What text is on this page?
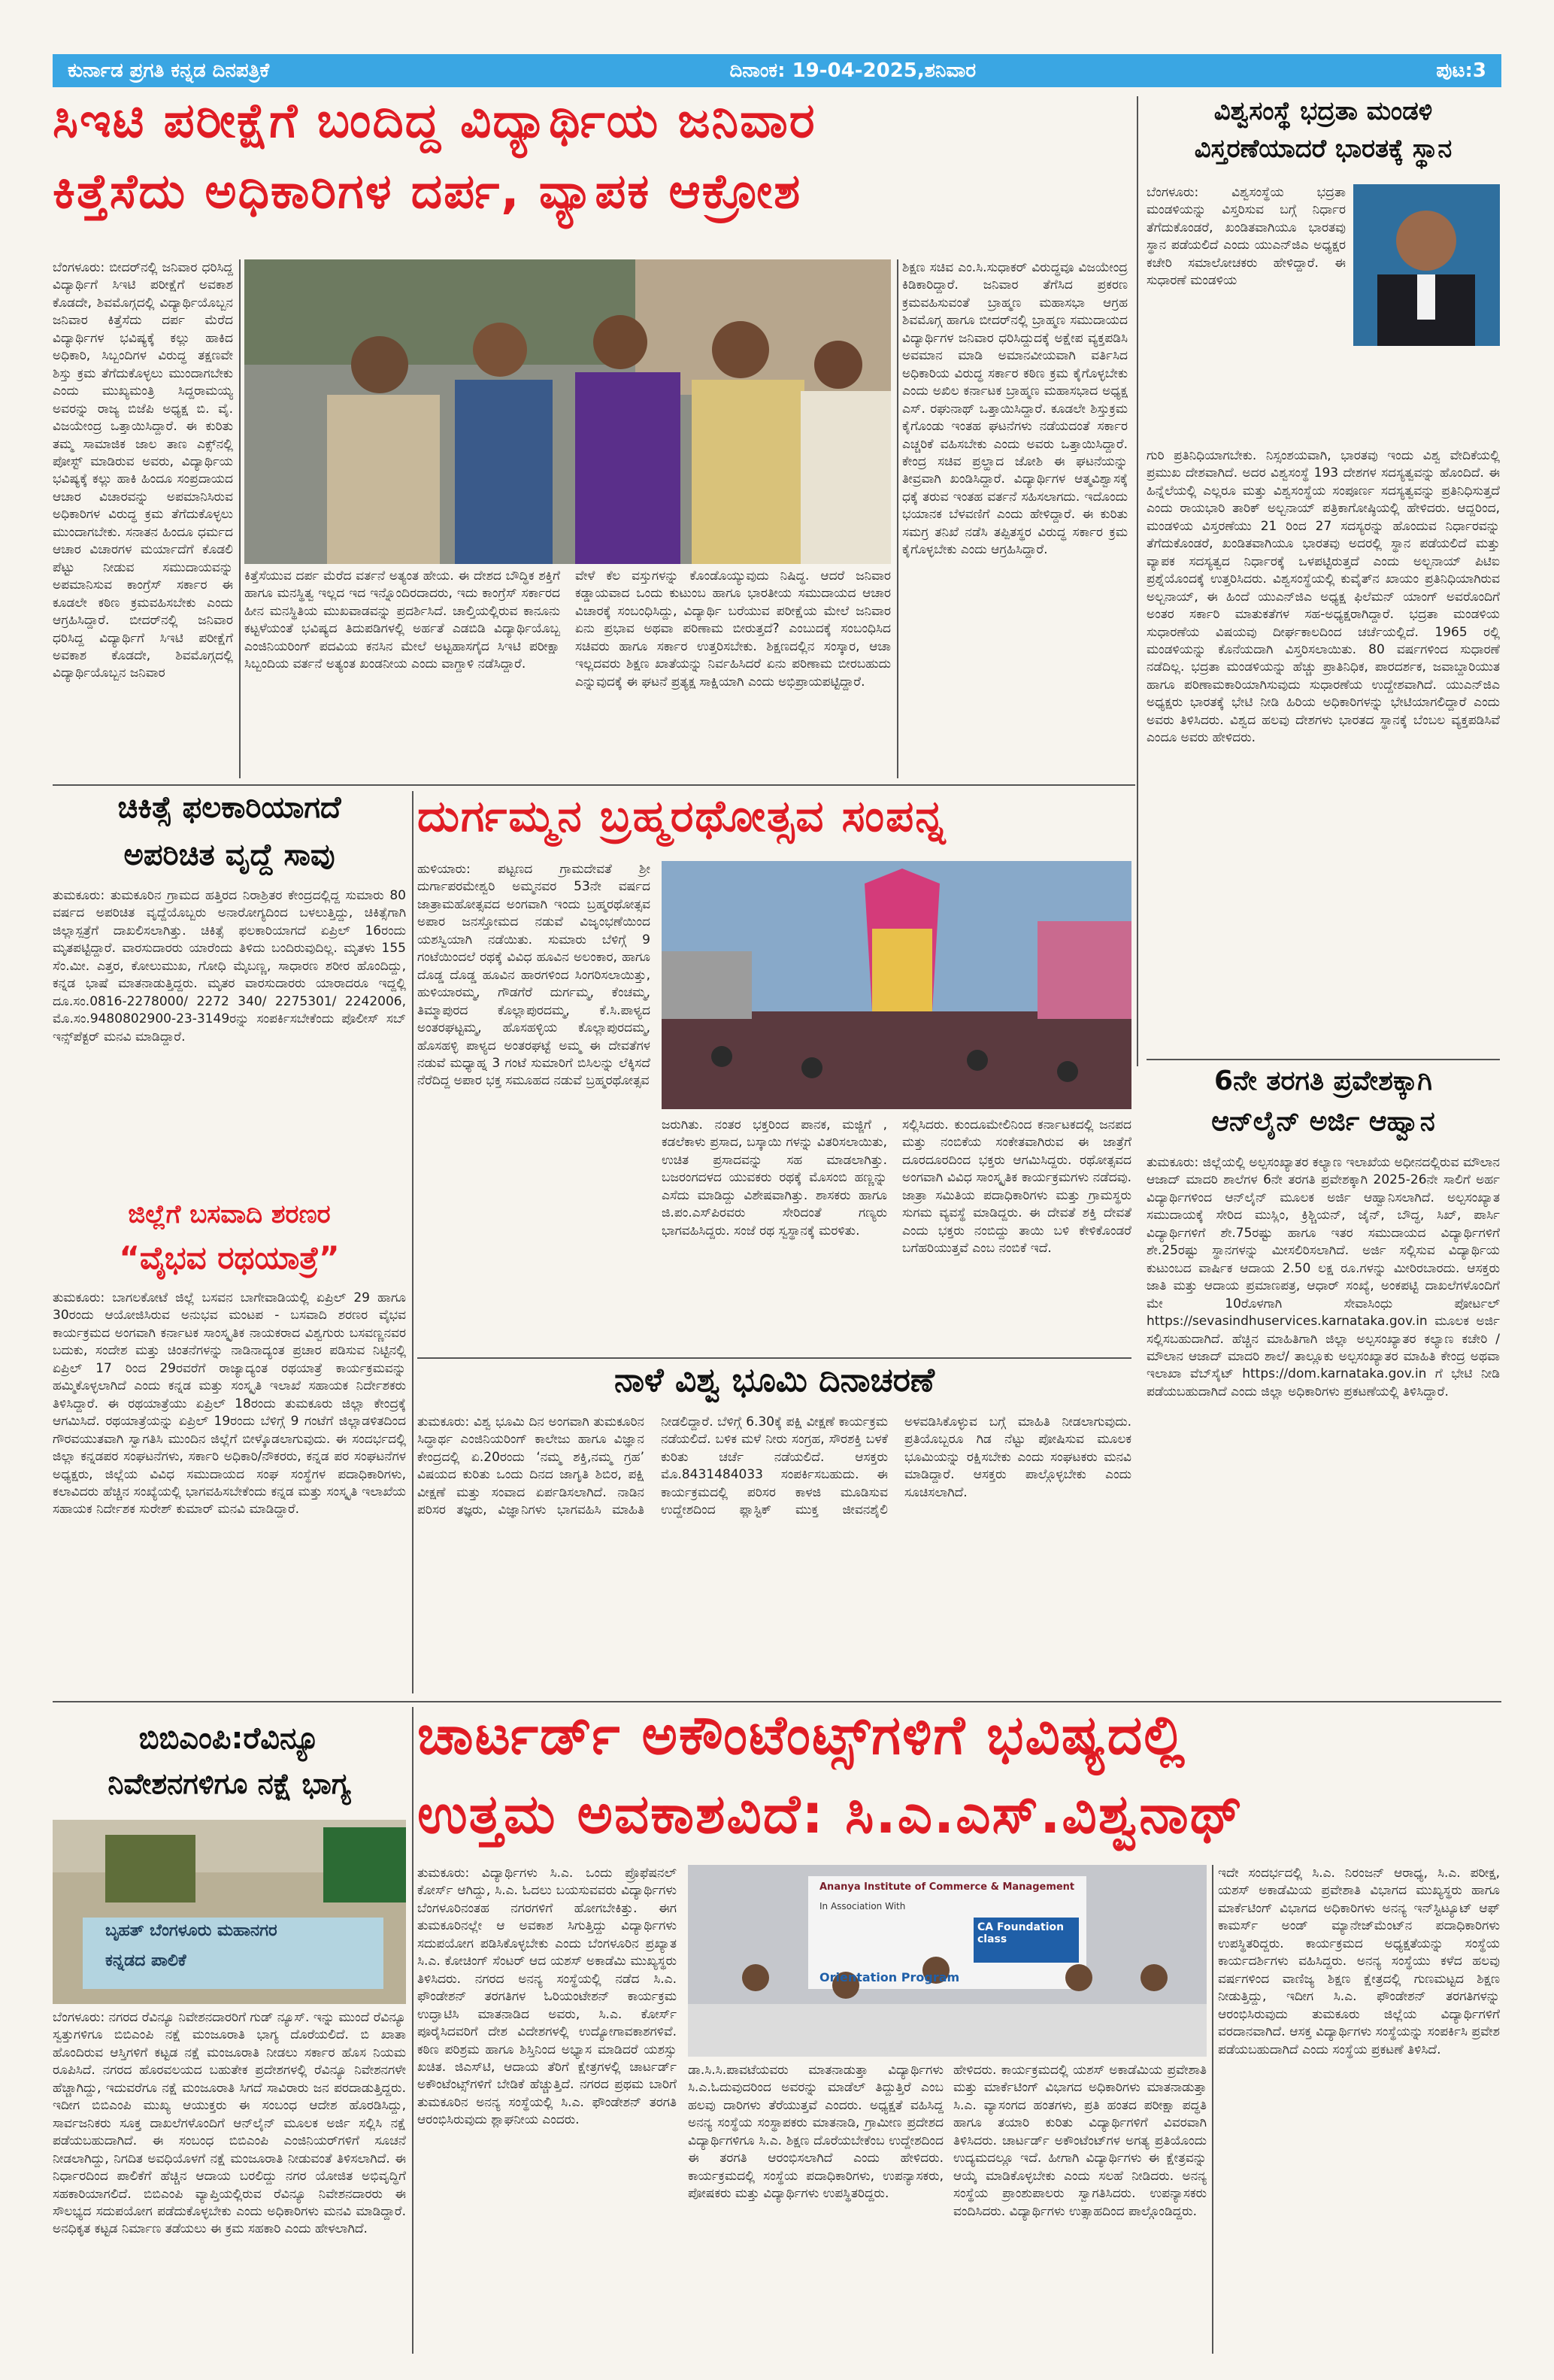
ಕುರ್ನಾಡ ಪ್ರಗತಿ ಕನ್ನಡ ದಿನಪತ್ರಿಕೆ	ದಿನಾಂಕ: 19-04-2025,ಶನಿವಾರ	ಪುಟ:3
ಸಿಇಟಿ ಪರೀಕ್ಷೆಗೆ ಬಂದಿದ್ದ ವಿದ್ಯಾರ್ಥಿಯ ಜನಿವಾರ
ಕಿತ್ತೆಸೆದು ಅಧಿಕಾರಿಗಳ ದರ್ಪ, ವ್ಯಾಪಕ ಆಕ್ರೋಶ
ಬೆಂಗಳೂರು: ಬೀದರ್‌ನಲ್ಲಿ ಜನಿವಾರ ಧರಿಸಿದ್ದ ವಿದ್ಯಾರ್ಥಿಗೆ ಸಿಇಟಿ ಪರೀಕ್ಷೆಗೆ ಅವಕಾಶ ಕೊಡದೇ, ಶಿವಮೊಗ್ಗದಲ್ಲಿ ವಿದ್ಯಾರ್ಥಿಯೊಬ್ಬನ ಜನಿವಾರ ಕಿತ್ತೆಸೆದು ದರ್ಪ ಮೆರೆದ ವಿದ್ಯಾರ್ಥಿಗಳ ಭವಿಷ್ಯಕ್ಕೆ ಕಲ್ಲು ಹಾಕಿದ ಅಧಿಕಾರಿ, ಸಿಬ್ಬಂದಿಗಳ ವಿರುದ್ಧ ತಕ್ಷಣವೇ ಶಿಸ್ತು ಕ್ರಮ ತೆಗೆದುಕೊಳ್ಳಲು ಮುಂದಾಗಬೇಕು ಎಂದು ಮುಖ್ಯಮಂತ್ರಿ ಸಿದ್ದರಾಮಯ್ಯ ಅವರನ್ನು ರಾಜ್ಯ ಬಿಜೆಪಿ ಅಧ್ಯಕ್ಷ ಬಿ. ವೈ. ವಿಜಯೇಂದ್ರ ಒತ್ತಾಯಿಸಿದ್ದಾರೆ. ಈ ಕುರಿತು ತಮ್ಮ ಸಾಮಾಜಿಕ ಜಾಲ ತಾಣ ಎಕ್ಸ್‌ನಲ್ಲಿ ಪೋಸ್ಟ್ ಮಾಡಿರುವ ಅವರು, ವಿದ್ಯಾರ್ಥಿಯ ಭವಿಷ್ಯಕ್ಕೆ ಕಲ್ಲು ಹಾಕಿ ಹಿಂದೂ ಸಂಪ್ರದಾಯದ ಆಚಾರ ವಿಚಾರವನ್ನು ಅಪಮಾನಿಸಿರುವ ಅಧಿಕಾರಿಗಳ ವಿರುದ್ಧ ಕ್ರಮ ತೆಗೆದುಕೊಳ್ಳಲು ಮುಂದಾಗಬೇಕು. ಸನಾತನ ಹಿಂದೂ ಧರ್ಮದ ಆಚಾರ ವಿಚಾರಗಳ ಮರ್ಯಾದೆಗೆ ಕೊಡಲಿ ಪೆಟ್ಟು ನೀಡುವ ಸಮುದಾಯವನ್ನು ಅಪಮಾನಿಸುವ ಕಾಂಗ್ರೆಸ್ ಸರ್ಕಾರ ಈ ಕೂಡಲೇ ಕಠಿಣ ಕ್ರಮವಹಿಸಬೇಕು ಎಂದು ಆಗ್ರಹಿಸಿದ್ದಾರೆ. ಬೀದರ್‌ನಲ್ಲಿ ಜನಿವಾರ ಧರಿಸಿದ್ದ ವಿದ್ಯಾರ್ಥಿಗೆ ಸಿಇಟಿ ಪರೀಕ್ಷೆಗೆ ಅವಕಾಶ ಕೊಡದೇ, ಶಿವಮೊಗ್ಗದಲ್ಲಿ ವಿದ್ಯಾರ್ಥಿಯೊಬ್ಬನ ಜನಿವಾರ
ಕಿತ್ತೆಸೆಯುವ ದರ್ಪ ಮೆರೆದ ವರ್ತನೆ ಅತ್ಯಂತ ಹೇಯ. ಈ ದೇಶದ ಬೌದ್ಧಿಕ ಶಕ್ತಿಗೆ ಹಾಗೂ ಮನಸ್ಥಿತ್ವ ಇಲ್ಲದ ಇದ ಇನ್ನೊಂದಿರದಾದರು, ಇದು ಕಾಂಗ್ರೆಸ್ ಸರ್ಕಾರದ ಹೀನ ಮನಸ್ಥಿತಿಯ ಮುಖವಾಡವನ್ನು ಪ್ರದರ್ಶಿಸಿದೆ. ಚಾಲ್ತಿಯಲ್ಲಿರುವ ಕಾನೂನು ಕಟ್ಟಳೆಯಂತೆ ಭವಿಷ್ಯದ ತಿದುಪಡಿಗಳಲ್ಲಿ ಅರ್ಹತೆ ಎಡಬಿಡಿ ವಿದ್ಯಾರ್ಥಿಯೊಬ್ಬ ಎಂಜಿನಿಯರಿಂಗ್ ಪದವಿಯ ಕನಸಿನ ಮೇಲೆ ಅಟ್ಟಹಾಸಗೈದ ಸಿಇಟಿ ಪರೀಕ್ಷಾ ಸಿಬ್ಬಂದಿಯ ವರ್ತನೆ ಅತ್ಯಂತ ಖಂಡನೀಯ ಎಂದು ವಾಗ್ದಾಳಿ ನಡೆಸಿದ್ದಾರೆ.
ವೇಳೆ ಕೆಲ ವಸ್ತುಗಳನ್ನು ಕೊಂಡೊಯ್ಯುವುದು ನಿಷಿದ್ಧ. ಆದರೆ ಜನಿವಾರ ಕಡ್ಡಾಯವಾದ ಒಂದು ಕುಟುಂಬ ಹಾಗೂ ಭಾರತೀಯ ಸಮುದಾಯದ ಆಚಾರ ವಿಚಾರಕ್ಕೆ ಸಂಬಂಧಿಸಿದ್ದು, ವಿದ್ಯಾರ್ಥಿ ಬರೆಯುವ ಪರೀಕ್ಷೆಯ ಮೇಲೆ ಜನಿವಾರ ಏನು ಪ್ರಭಾವ ಅಥವಾ ಪರಿಣಾಮ ಬೀರುತ್ತದೆ? ಎಂಬುದಕ್ಕೆ ಸಂಬಂಧಿಸಿದ ಸಚಿವರು ಹಾಗೂ ಸರ್ಕಾರ ಉತ್ತರಿಸಬೇಕು. ಶಿಕ್ಷಣದಲ್ಲಿನ ಸಂಸ್ಕಾರ, ಆಚಾ ಇಲ್ಲದವರು ಶಿಕ್ಷಣ ಖಾತೆಯನ್ನು ನಿರ್ವಹಿಸಿದರೆ ಏನು ಪರಿಣಾಮ ಬೀರಬಹುದು ಎನ್ನುವುದಕ್ಕೆ ಈ ಘಟನೆ ಪ್ರತ್ಯಕ್ಷ ಸಾಕ್ಷಿಯಾಗಿ ಎಂದು ಅಭಿಪ್ರಾಯಪಟ್ಟಿದ್ದಾರೆ.
ಶಿಕ್ಷಣ ಸಚಿವ ಎಂ.ಸಿ.ಸುಧಾಕರ್ ವಿರುದ್ಧವೂ ವಿಜಯೇಂದ್ರ ಕಿಡಿಕಾರಿದ್ದಾರೆ. ಜನಿವಾರ ತೆಗೆಸಿದ ಪ್ರಕರಣ ಕ್ರಮವಹಿಸುವಂತೆ ಬ್ರಾಹ್ಮಣ ಮಹಾಸಭಾ ಆಗ್ರಹ ಶಿವಮೊಗ್ಗ ಹಾಗೂ ಬೀದರ್‌ನಲ್ಲಿ ಬ್ರಾಹ್ಮಣ ಸಮುದಾಯದ ವಿದ್ಯಾರ್ಥಿಗಳ ಜನಿವಾರ ಧರಿಸಿದ್ದುದಕ್ಕೆ ಅಕ್ಷೇಪ ವ್ಯಕ್ತಪಡಿಸಿ ಅವಮಾನ ಮಾಡಿ ಅಮಾನವೀಯವಾಗಿ ವರ್ತಿಸಿದ ಅಧಿಕಾರಿಯ ವಿರುದ್ಧ ಸರ್ಕಾರ ಕಠಿಣ ಕ್ರಮ ಕೈಗೊಳ್ಳಬೇಕು ಎಂದು ಅಖಿಲ ಕರ್ನಾಟಕ ಬ್ರಾಹ್ಮಣ ಮಹಾಸಭಾದ ಅಧ್ಯಕ್ಷ ಎಸ್. ರಘುನಾಥ್ ಒತ್ತಾಯಿಸಿದ್ದಾರೆ. ಕೂಡಲೇ ಶಿಸ್ತುಕ್ರಮ ಕೈಗೊಂಡು ಇಂತಹ ಘಟನೆಗಳು ನಡೆಯದಂತೆ ಸರ್ಕಾರ ಎಚ್ಚರಿಕೆ ವಹಿಸಬೇಕು ಎಂದು ಅವರು ಒತ್ತಾಯಿಸಿದ್ದಾರೆ. ಕೇಂದ್ರ ಸಚಿವ ಪ್ರಲ್ಹಾದ ಜೋಶಿ ಈ ಘಟನೆಯನ್ನು ತೀವ್ರವಾಗಿ ಖಂಡಿಸಿದ್ದಾರೆ. ವಿದ್ಯಾರ್ಥಿಗಳ ಆತ್ಮವಿಶ್ವಾಸಕ್ಕೆ ಧಕ್ಕೆ ತರುವ ಇಂತಹ ವರ್ತನೆ ಸಹಿಸಲಾಗದು. ಇದೊಂದು ಭಯಾನಕ ಬೆಳವಣಿಗೆ ಎಂದು ಹೇಳಿದ್ದಾರೆ. ಈ ಕುರಿತು ಸಮಗ್ರ ತನಿಖೆ ನಡೆಸಿ ತಪ್ಪಿತಸ್ಥರ ವಿರುದ್ಧ ಸರ್ಕಾರ ಕ್ರಮ ಕೈಗೊಳ್ಳಬೇಕು ಎಂದು ಆಗ್ರಹಿಸಿದ್ದಾರೆ.
ವಿಶ್ವಸಂಸ್ಥೆ ಭದ್ರತಾ ಮಂಡಳಿ
ವಿಸ್ತರಣೆಯಾದರೆ ಭಾರತಕ್ಕೆ ಸ್ಥಾನ
ಬೆಂಗಳೂರು: ವಿಶ್ವಸಂಸ್ಥೆಯ ಭದ್ರತಾ ಮಂಡಳಿಯನ್ನು ವಿಸ್ತರಿಸುವ ಬಗ್ಗೆ ನಿರ್ಧಾರ ತೆಗೆದುಕೊಂಡರೆ, ಖಂಡಿತವಾಗಿಯೂ ಭಾರತವು ಸ್ಥಾನ ಪಡೆಯಲಿದೆ ಎಂದು ಯುಎನ್‌ಜಿಎ ಅಧ್ಯಕ್ಷರ ಕಚೇರಿ ಸಮಾಲೋಚಕರು ಹೇಳಿದ್ದಾರೆ. ಈ ಸುಧಾರಣೆ ಮಂಡಳಿಯ
ಗುರಿ ಪ್ರತಿನಿಧಿಯಾಗಬೇಕು. ನಿಸ್ಸಂಶಯವಾಗಿ, ಭಾರತವು ಇಂದು ವಿಶ್ವ ವೇದಿಕೆಯಲ್ಲಿ ಪ್ರಮುಖ ದೇಶವಾಗಿದೆ. ಅದರ ವಿಶ್ವಸಂಸ್ಥೆ 193 ದೇಶಗಳ ಸದಸ್ಯತ್ವವನ್ನು ಹೊಂದಿದೆ. ಈ ಹಿನ್ನೆಲೆಯಲ್ಲಿ ಎಲ್ಲರೂ ಮತ್ತು ವಿಶ್ವಸಂಸ್ಥೆಯ ಸಂಪೂರ್ಣ ಸದಸ್ಯತ್ವವನ್ನು ಪ್ರತಿನಿಧಿಸುತ್ತದೆ ಎಂದು ರಾಯಭಾರಿ ತಾರಿಕ್ ಅಲ್ಬನಾಯ್ ಪತ್ರಿಕಾಗೋಷ್ಠಿಯಲ್ಲಿ ಹೇಳಿದರು. ಆದ್ದರಿಂದ, ಮಂಡಳಿಯ ವಿಸ್ತರಣೆಯು 21 ರಿಂದ 27 ಸದಸ್ಯರನ್ನು ಹೊಂದುವ ನಿರ್ಧಾರವನ್ನು ತೆಗೆದುಕೊಂಡರೆ, ಖಂಡಿತವಾಗಿಯೂ ಭಾರತವು ಅದರಲ್ಲಿ ಸ್ಥಾನ ಪಡೆಯಲಿದೆ ಮತ್ತು ವ್ಯಾಪಕ ಸದಸ್ಯತ್ವದ ನಿರ್ಧಾರಕ್ಕೆ ಒಳಪಟ್ಟಿರುತ್ತದೆ ಎಂದು ಅಲ್ಬನಾಯ್ ಪಿಟಿಐ ಪ್ರಶ್ನೆಯೊಂದಕ್ಕೆ ಉತ್ತರಿಸಿದರು. ವಿಶ್ವಸಂಸ್ಥೆಯಲ್ಲಿ ಕುವೈತ್‌ನ ಖಾಯಂ ಪ್ರತಿನಿಧಿಯಾಗಿರುವ ಅಲ್ಬನಾಯ್, ಈ ಹಿಂದೆ ಯುಎನ್‌ಜಿಎ ಅಧ್ಯಕ್ಷ ಫಿಲೆಮನ್ ಯಾಂಗ್ ಅವರೊಂದಿಗೆ ಅಂತರ ಸರ್ಕಾರಿ ಮಾತುಕತೆಗಳ ಸಹ-ಅಧ್ಯಕ್ಷರಾಗಿದ್ದಾರೆ. ಭದ್ರತಾ ಮಂಡಳಿಯ ಸುಧಾರಣೆಯ ವಿಷಯವು ದೀರ್ಘಕಾಲದಿಂದ ಚರ್ಚೆಯಲ್ಲಿದೆ. 1965 ರಲ್ಲಿ ಮಂಡಳಿಯನ್ನು ಕೊನೆಯದಾಗಿ ವಿಸ್ತರಿಸಲಾಯಿತು. 80 ವರ್ಷಗಳಿಂದ ಸುಧಾರಣೆ ನಡೆದಿಲ್ಲ. ಭದ್ರತಾ ಮಂಡಳಿಯನ್ನು ಹೆಚ್ಚು ಪ್ರಾತಿನಿಧಿಕ, ಪಾರದರ್ಶಕ, ಜವಾಬ್ದಾರಿಯುತ ಹಾಗೂ ಪರಿಣಾಮಕಾರಿಯಾಗಿಸುವುದು ಸುಧಾರಣೆಯ ಉದ್ದೇಶವಾಗಿದೆ. ಯುಎನ್‌ಜಿಎ ಅಧ್ಯಕ್ಷರು ಭಾರತಕ್ಕೆ ಭೇಟಿ ನೀಡಿ ಹಿರಿಯ ಅಧಿಕಾರಿಗಳನ್ನು ಭೇಟಿಯಾಗಲಿದ್ದಾರೆ ಎಂದು ಅವರು ತಿಳಿಸಿದರು. ವಿಶ್ವದ ಹಲವು ದೇಶಗಳು ಭಾರತದ ಸ್ಥಾನಕ್ಕೆ ಬೆಂಬಲ ವ್ಯಕ್ತಪಡಿಸಿವೆ ಎಂದೂ ಅವರು ಹೇಳಿದರು.
ಚಿಕಿತ್ಸೆ ಫಲಕಾರಿಯಾಗದೆ
ಅಪರಿಚಿತ ವೃದ್ದೆ ಸಾವು
ತುಮಕೂರು: ತುಮಕೂರಿನ ಗ್ರಾಮದ ಹತ್ತಿರದ ನಿರಾಶ್ರಿತರ ಕೇಂದ್ರದಲ್ಲಿದ್ದ ಸುಮಾರು 80 ವರ್ಷದ ಅಪರಿಚಿತ ವೃದ್ದೆಯೊಬ್ಬರು ಅನಾರೋಗ್ಯದಿಂದ ಬಳಲುತ್ತಿದ್ದು, ಚಿಕಿತ್ಸೆಗಾಗಿ ಜಿಲ್ಲಾಸ್ಪತ್ರೆಗೆ ದಾಖಲಿಸಲಾಗಿತ್ತು. ಚಿಕಿತ್ಸೆ ಫಲಕಾರಿಯಾಗದೆ ಏಪ್ರಿಲ್ 16ರಂದು ಮೃತಪಟ್ಟಿದ್ದಾರೆ. ವಾರಸುದಾರರು ಯಾರೆಂದು ತಿಳಿದು ಬಂದಿರುವುದಿಲ್ಲ. ಮೃತಳು 155 ಸೆಂ.ಮೀ. ಎತ್ತರ, ಕೋಲುಮುಖ, ಗೋಧಿ ಮೈಬಣ್ಣ, ಸಾಧಾರಣ ಶರೀರ ಹೊಂದಿದ್ದು, ಕನ್ನಡ ಭಾಷೆ ಮಾತನಾಡುತ್ತಿದ್ದರು. ಮೃತರ ವಾರಸುದಾರರು ಯಾರಾದರೂ ಇದ್ದಲ್ಲಿ ದೂ.ಸಂ.0816-2278000/ 2272 340/ 2275301/ 2242006, ಮೊ.ಸಂ.9480802900-23-3149ರನ್ನು ಸಂಪರ್ಕಿಸಬೇಕೆಂದು ಪೊಲೀಸ್ ಸಬ್ ಇನ್ಸ್‌ಪೆಕ್ಟರ್ ಮನವಿ ಮಾಡಿದ್ದಾರೆ.
ಜಿಲ್ಲೆಗೆ ಬಸವಾದಿ ಶರಣರ
“ವೈಭವ ರಥಯಾತ್ರೆ”
ತುಮಕೂರು: ಬಾಗಲಕೋಟೆ ಜಿಲ್ಲೆ ಬಸವನ ಬಾಗೇವಾಡಿಯಲ್ಲಿ ಏಪ್ರಿಲ್ 29 ಹಾಗೂ 30ರಂದು ಆಯೋಜಿಸಿರುವ ಅನುಭವ ಮಂಟಪ - ಬಸವಾದಿ ಶರಣರ ವೈಭವ ಕಾರ್ಯಕ್ರಮದ ಅಂಗವಾಗಿ ಕರ್ನಾಟಕ ಸಾಂಸ್ಕೃತಿಕ ನಾಯಕರಾದ ವಿಶ್ವಗುರು ಬಸವಣ್ಣನವರ ಬದುಕು, ಸಂದೇಶ ಮತ್ತು ಚಿಂತನೆಗಳನ್ನು ನಾಡಿನಾದ್ಯಂತ ಪ್ರಚಾರ ಪಡಿಸುವ ನಿಟ್ಟಿನಲ್ಲಿ ಏಪ್ರಿಲ್ 17 ರಿಂದ 29ರವರೆಗೆ ರಾಜ್ಯಾದ್ಯಂತ ರಥಯಾತ್ರೆ ಕಾರ್ಯಕ್ರಮವನ್ನು ಹಮ್ಮಿಕೊಳ್ಳಲಾಗಿದೆ ಎಂದು ಕನ್ನಡ ಮತ್ತು ಸಂಸ್ಕೃತಿ ಇಲಾಖೆ ಸಹಾಯಕ ನಿರ್ದೇಶಕರು ತಿಳಿಸಿದ್ದಾರೆ. ಈ ರಥಯಾತ್ರೆಯು ಏಪ್ರಿಲ್ 18ರಂದು ತುಮಕೂರು ಜಿಲ್ಲಾ ಕೇಂದ್ರಕ್ಕೆ ಆಗಮಿಸಿದೆ. ರಥಯಾತ್ರೆಯನ್ನು ಏಪ್ರಿಲ್ 19ರಂದು ಬೆಳಿಗ್ಗೆ 9 ಗಂಟೆಗೆ ಜಿಲ್ಲಾಡಳಿತದಿಂದ ಗೌರವಯುತವಾಗಿ ಸ್ವಾಗತಿಸಿ ಮುಂದಿನ ಜಿಲ್ಲೆಗೆ ಬೀಳ್ಕೊಡಲಾಗುವುದು. ಈ ಸಂದರ್ಭದಲ್ಲಿ ಜಿಲ್ಲಾ ಕನ್ನಡಪರ ಸಂಘಟನೆಗಳು, ಸರ್ಕಾರಿ ಅಧಿಕಾರಿ/ನೌಕರರು, ಕನ್ನಡ ಪರ ಸಂಘಟನೆಗಳ ಅಧ್ಯಕ್ಷರು, ಜಿಲ್ಲೆಯ ವಿವಿಧ ಸಮುದಾಯದ ಸಂಘ ಸಂಸ್ಥೆಗಳ ಪದಾಧಿಕಾರಿಗಳು, ಕಲಾವಿದರು ಹೆಚ್ಚಿನ ಸಂಖ್ಯೆಯಲ್ಲಿ ಭಾಗವಹಿಸಬೇಕೆಂದು ಕನ್ನಡ ಮತ್ತು ಸಂಸ್ಕೃತಿ ಇಲಾಖೆಯ ಸಹಾಯಕ ನಿರ್ದೇಶಕ ಸುರೇಶ್ ಕುಮಾರ್ ಮನವಿ ಮಾಡಿದ್ದಾರೆ.
ದುರ್ಗಮ್ಮನ ಬ್ರಹ್ಮರಥೋತ್ಸವ ಸಂಪನ್ನ
ಹುಳಿಯಾರು: ಪಟ್ಟಣದ ಗ್ರಾಮದೇವತೆ ಶ್ರೀ ದುರ್ಗಾಪರಮೇಶ್ವರಿ ಅಮ್ಮನವರ 53ನೇ ವರ್ಷದ ಜಾತ್ರಾಮಹೋತ್ಸವದ ಅಂಗವಾಗಿ ಇಂದು ಬ್ರಹ್ಮರಥೋತ್ಸವ ಅಪಾರ ಜನಸ್ತೋಮದ ನಡುವೆ ವಿಜೃಂಭಣೆಯಿಂದ ಯಶಸ್ವಿಯಾಗಿ ನಡೆಯಿತು. ಸುಮಾರು ಬೆಳಿಗ್ಗೆ 9 ಗಂಟೆಯಿಂದಲೆ ರಥಕ್ಕೆ ವಿವಿಧ ಹೂವಿನ ಅಲಂಕಾರ, ಹಾಗೂ ದೊಡ್ಡ ದೊಡ್ಡ ಹೂವಿನ ಹಾರಗಳಿಂದ ಸಿಂಗರಿಸಲಾಯಿತ್ತು, ಹುಳಿಯಾರಮ್ಮ, ಗೌಡಗೆರೆ ದುರ್ಗಮ್ಮ, ಕೆಂಚಮ್ಮ, ತಿಮ್ಮಾಪುರದ ಕೊಲ್ಲಾಪುರದಮ್ಮ, ಕೆ.ಸಿ.ಪಾಳ್ಯದ ಅಂತರಘಟ್ಟಮ್ಮ, ಹೊಸಹಳ್ಳಿಯ ಕೊಲ್ಲಾಪುರದಮ್ಮ, ಹೊಸಹಳ್ಳಿ ಪಾಳ್ಯದ ಅಂತರಘಟ್ಟೆ ಅಮ್ಮ ಈ ದೇವತೆಗಳ ನಡುವೆ ಮಧ್ಯಾಹ್ನ 3 ಗಂಟೆ ಸುಮಾರಿಗೆ ಬಿಸಿಲನ್ನು ಲೆಕ್ಕಿಸದೆ ನೆರೆದಿದ್ದ ಅಪಾರ ಭಕ್ತ ಸಮೂಹದ ನಡುವೆ ಬ್ರಹ್ಮರಥೋತ್ಸವ
ಜರುಗಿತು. ನಂತರ ಭಕ್ತರಿಂದ ಪಾನಕ, ಮಜ್ಜಿಗೆ , ಕಡಲೆಕಾಳು ಪ್ರಸಾದ, ಬಸ್ಕಾಯಿ ಗಳನ್ನು ವಿತರಿಸಲಾಯಿತು, ಉಚಿತ ಪ್ರಸಾದವನ್ನು ಸಹ ಮಾಡಲಾಗಿತ್ತು. ಬಜರಂಗದಳದ ಯುವಕರು ರಥಕ್ಕೆ ಮೊಸಂಬಿ ಹಣ್ಣನ್ನು ಎಸೆದು ಮಾಡಿದ್ದು ವಿಶೇಷವಾಗಿತ್ತು. ಶಾಸಕರು ಹಾಗೂ ಜಿ.ಪಂ.ಎಸ್‌ಪಿರವರು ಸೇರಿದಂತೆ ಗಣ್ಯರು ಭಾಗವಹಿಸಿದ್ದರು. ಸಂಜೆ ರಥ ಸ್ವಸ್ಥಾನಕ್ಕೆ ಮರಳಿತು.
ಸಲ್ಲಿಸಿದರು. ಕುಂದೂಮೇಲಿನಿಂದ ಕರ್ನಾಟಕದಲ್ಲಿ ಜನಪದ ಮತ್ತು ನಂಬಿಕೆಯ ಸಂಕೇತವಾಗಿರುವ ಈ ಜಾತ್ರೆಗೆ ದೂರದೂರದಿಂದ ಭಕ್ತರು ಆಗಮಿಸಿದ್ದರು. ರಥೋತ್ಸವದ ಅಂಗವಾಗಿ ವಿವಿಧ ಸಾಂಸ್ಕೃತಿಕ ಕಾರ್ಯಕ್ರಮಗಳು ನಡೆದವು. ಜಾತ್ರಾ ಸಮಿತಿಯ ಪದಾಧಿಕಾರಿಗಳು ಮತ್ತು ಗ್ರಾಮಸ್ಥರು ಸುಗಮ ವ್ಯವಸ್ಥೆ ಮಾಡಿದ್ದರು. ಈ ದೇವತೆ ಶಕ್ತಿ ದೇವತೆ ಎಂದು ಭಕ್ತರು ನಂಬಿದ್ದು ತಾಯಿ ಬಳಿ ಕೇಳಿಕೊಂಡರೆ ಬಗೆಹರಿಯುತ್ತವೆ ಎಂಬ ನಂಬಿಕೆ ಇದೆ.
ನಾಳೆ ವಿಶ್ವ ಭೂಮಿ ದಿನಾಚರಣೆ
ತುಮಕೂರು: ವಿಶ್ವ ಭೂಮಿ ದಿನ ಅಂಗವಾಗಿ ತುಮಕೂರಿನ ಸಿದ್ಧಾರ್ಥ ಎಂಜಿನಿಯರಿಂಗ್ ಕಾಲೇಜು ಹಾಗೂ ವಿಜ್ಞಾನ ಕೇಂದ್ರದಲ್ಲಿ ಏ.20ರಂದು ‘ನಮ್ಮ ಶಕ್ತಿ,ನಮ್ಮ ಗ್ರಹ’ ವಿಷಯದ ಕುರಿತು ಒಂದು ದಿನದ ಜಾಗೃತಿ ಶಿಬಿರ, ಪಕ್ಷಿ ವೀಕ್ಷಣೆ ಮತ್ತು ಸಂವಾದ ಏರ್ಪಡಿಸಲಾಗಿದೆ. ನಾಡಿನ ಪರಿಸರ ತಜ್ಞರು, ವಿಜ್ಞಾನಿಗಳು ಭಾಗವಹಿಸಿ ಮಾಹಿತಿ ನೀಡಲಿದ್ದಾರೆ. ಬೆಳಿಗ್ಗೆ 6.30ಕ್ಕೆ ಪಕ್ಷಿ ವೀಕ್ಷಣೆ ಕಾರ್ಯಕ್ರಮ ನಡೆಯಲಿದೆ. ಬಳಿಕ ಮಳೆ ನೀರು ಸಂಗ್ರಹ, ಸೌರಶಕ್ತಿ ಬಳಕೆ ಕುರಿತು ಚರ್ಚೆ ನಡೆಯಲಿದೆ. ಆಸಕ್ತರು ಮೊ.8431484033 ಸಂಪರ್ಕಿಸಬಹುದು. ಈ ಕಾರ್ಯಕ್ರಮದಲ್ಲಿ ಪರಿಸರ ಕಾಳಜಿ ಮೂಡಿಸುವ ಉದ್ದೇಶದಿಂದ ಪ್ಲಾಸ್ಟಿಕ್ ಮುಕ್ತ ಜೀವನಶೈಲಿ ಅಳವಡಿಸಿಕೊಳ್ಳುವ ಬಗ್ಗೆ ಮಾಹಿತಿ ನೀಡಲಾಗುವುದು. ಪ್ರತಿಯೊಬ್ಬರೂ ಗಿಡ ನೆಟ್ಟು ಪೋಷಿಸುವ ಮೂಲಕ ಭೂಮಿಯನ್ನು ರಕ್ಷಿಸಬೇಕು ಎಂದು ಸಂಘಟಕರು ಮನವಿ ಮಾಡಿದ್ದಾರೆ. ಆಸಕ್ತರು ಪಾಲ್ಗೊಳ್ಳಬೇಕು ಎಂದು ಸೂಚಿಸಲಾಗಿದೆ.
6ನೇ ತರಗತಿ ಪ್ರವೇಶಕ್ಕಾಗಿ
ಆನ್‌ಲೈನ್ ಅರ್ಜಿ ಆಹ್ವಾನ
ತುಮಕೂರು: ಜಿಲ್ಲೆಯಲ್ಲಿ ಅಲ್ಪಸಂಖ್ಯಾತರ ಕಲ್ಯಾಣ ಇಲಾಖೆಯ ಅಧೀನದಲ್ಲಿರುವ ಮೌಲಾನ ಆಜಾದ್ ಮಾದರಿ ಶಾಲೆಗಳ 6ನೇ ತರಗತಿ ಪ್ರವೇಶಕ್ಕಾಗಿ 2025-26ನೇ ಸಾಲಿಗೆ ಅರ್ಹ ವಿದ್ಯಾರ್ಥಿಗಳಿಂದ ಆನ್‌ಲೈನ್ ಮೂಲಕ ಅರ್ಜಿ ಆಹ್ವಾನಿಸಲಾಗಿದೆ. ಅಲ್ಪಸಂಖ್ಯಾತ ಸಮುದಾಯಕ್ಕೆ ಸೇರಿದ ಮುಸ್ಲಿಂ, ಕ್ರಿಶ್ಚಿಯನ್, ಜೈನ್, ಬೌದ್ಧ, ಸಿಖ್, ಪಾರ್ಸಿ ವಿದ್ಯಾರ್ಥಿಗಳಿಗೆ ಶೇ.75ರಷ್ಟು ಹಾಗೂ ಇತರ ಸಮುದಾಯದ ವಿದ್ಯಾರ್ಥಿಗಳಿಗೆ ಶೇ.25ರಷ್ಟು ಸ್ಥಾನಗಳನ್ನು ಮೀಸಲಿರಿಸಲಾಗಿದೆ. ಅರ್ಜಿ ಸಲ್ಲಿಸುವ ವಿದ್ಯಾರ್ಥಿಯ ಕುಟುಂಬದ ವಾರ್ಷಿಕ ಆದಾಯ 2.50 ಲಕ್ಷ ರೂ.ಗಳನ್ನು ಮೀರಿರಬಾರದು. ಆಸಕ್ತರು ಜಾತಿ ಮತ್ತು ಆದಾಯ ಪ್ರಮಾಣಪತ್ರ, ಆಧಾರ್ ಸಂಖ್ಯೆ, ಅಂಕಪಟ್ಟಿ ದಾಖಲೆಗಳೊಂದಿಗೆ ಮೇ 10ರೊಳಗಾಗಿ ಸೇವಾಸಿಂಧು ಪೋರ್ಟಲ್ https://sevasindhuservices.karnataka.gov.in ಮೂಲಕ ಅರ್ಜಿ ಸಲ್ಲಿಸಬಹುದಾಗಿದೆ. ಹೆಚ್ಚಿನ ಮಾಹಿತಿಗಾಗಿ ಜಿಲ್ಲಾ ಅಲ್ಪಸಂಖ್ಯಾತರ ಕಲ್ಯಾಣ ಕಚೇರಿ / ಮೌಲಾನ ಆಜಾದ್ ಮಾದರಿ ಶಾಲೆ/ ತಾಲ್ಲೂಕು ಅಲ್ಪಸಂಖ್ಯಾತರ ಮಾಹಿತಿ ಕೇಂದ್ರ ಅಥವಾ ಇಲಾಖಾ ವೆಬ್‌ಸೈಟ್ https://dom.karnataka.gov.in ಗೆ ಭೇಟಿ ನೀಡಿ ಪಡೆಯಬಹುದಾಗಿದೆ ಎಂದು ಜಿಲ್ಲಾ ಅಧಿಕಾರಿಗಳು ಪ್ರಕಟಣೆಯಲ್ಲಿ ತಿಳಿಸಿದ್ದಾರೆ.
ಚಾರ್ಟರ್ಡ್ ಅಕೌಂಟೆಂಟ್ಸ್‌ಗಳಿಗೆ ಭವಿಷ್ಯದಲ್ಲಿ
ಉತ್ತಮ ಅವಕಾಶವಿದೆ: ಸಿ.ಎ.ಎಸ್.ವಿಶ್ವನಾಥ್
ಬಿಬಿಎಂಪಿ:ರೆವಿನ್ಯೂ
ನಿವೇಶನಗಳಿಗೂ ನಕ್ಷೆ ಭಾಗ್ಯ
ಬೃಹತ್ ಬೆಂಗಳೂರು ಮಹಾನಗರ
ಕನ್ನಡದ ಪಾಲಿಕೆ
ಬೆಂಗಳೂರು: ನಗರದ ರೆವಿನ್ಯೂ ನಿವೇಶನದಾರರಿಗೆ ಗುಡ್ ನ್ಯೂಸ್. ಇನ್ನು ಮುಂದೆ ರೆವಿನ್ಯೂ ಸ್ವತ್ತುಗಳಿಗೂ ಬಿಬಿಎಂಪಿ ನಕ್ಷೆ ಮಂಜೂರಾತಿ ಭಾಗ್ಯ ದೊರೆಯಲಿದೆ. ಬಿ ಖಾತಾ ಹೊಂದಿರುವ ಆಸ್ತಿಗಳಿಗೆ ಕಟ್ಟಡ ನಕ್ಷೆ ಮಂಜೂರಾತಿ ನೀಡಲು ಸರ್ಕಾರ ಹೊಸ ನಿಯಮ ರೂಪಿಸಿದೆ. ನಗರದ ಹೊರವಲಯದ ಬಹುತೇಕ ಪ್ರದೇಶಗಳಲ್ಲಿ ರೆವಿನ್ಯೂ ನಿವೇಶನಗಳೇ ಹೆಚ್ಚಾಗಿದ್ದು, ಇದುವರೆಗೂ ನಕ್ಷೆ ಮಂಜೂರಾತಿ ಸಿಗದೆ ಸಾವಿರಾರು ಜನ ಪರದಾಡುತ್ತಿದ್ದರು. ಇದೀಗ ಬಿಬಿಎಂಪಿ ಮುಖ್ಯ ಆಯುಕ್ತರು ಈ ಸಂಬಂಧ ಆದೇಶ ಹೊರಡಿಸಿದ್ದು, ಸಾರ್ವಜನಿಕರು ಸೂಕ್ತ ದಾಖಲೆಗಳೊಂದಿಗೆ ಆನ್‌ಲೈನ್ ಮೂಲಕ ಅರ್ಜಿ ಸಲ್ಲಿಸಿ ನಕ್ಷೆ ಪಡೆಯಬಹುದಾಗಿದೆ. ಈ ಸಂಬಂಧ ಬಿಬಿಎಂಪಿ ಎಂಜಿನಿಯರ್‌ಗಳಿಗೆ ಸೂಚನೆ ನೀಡಲಾಗಿದ್ದು, ನಿಗದಿತ ಅವಧಿಯೊಳಗೆ ನಕ್ಷೆ ಮಂಜೂರಾತಿ ನೀಡುವಂತೆ ತಿಳಿಸಲಾಗಿದೆ. ಈ ನಿರ್ಧಾರದಿಂದ ಪಾಲಿಕೆಗೆ ಹೆಚ್ಚಿನ ಆದಾಯ ಬರಲಿದ್ದು ನಗರ ಯೋಜಿತ ಅಭಿವೃದ್ಧಿಗೆ ಸಹಕಾರಿಯಾಗಲಿದೆ. ಬಿಬಿಎಂಪಿ ವ್ಯಾಪ್ತಿಯಲ್ಲಿರುವ ರೆವಿನ್ಯೂ ನಿವೇಶನದಾರರು ಈ ಸೌಲಭ್ಯದ ಸದುಪಯೋಗ ಪಡೆದುಕೊಳ್ಳಬೇಕು ಎಂದು ಅಧಿಕಾರಿಗಳು ಮನವಿ ಮಾಡಿದ್ದಾರೆ. ಅನಧಿಕೃತ ಕಟ್ಟಡ ನಿರ್ಮಾಣ ತಡೆಯಲು ಈ ಕ್ರಮ ಸಹಕಾರಿ ಎಂದು ಹೇಳಲಾಗಿದೆ.
ತುಮಕೂರು: ವಿದ್ಯಾರ್ಥಿಗಳು ಸಿ.ಎ. ಒಂದು ಪ್ರೊಫೆಷನಲ್ ಕೋರ್ಸ್ ಆಗಿದ್ದು, ಸಿ.ಎ. ಓದಲು ಬಯಸುವವರು ವಿದ್ಯಾರ್ಥಿಗಳು ಬೆಂಗಳೂರಿನಂತಹ ನಗರಗಳಿಗೆ ಹೋಗಬೇಕಿತ್ತು. ಈಗ ತುಮಕೂರಿನಲ್ಲೇ ಆ ಅವಕಾಶ ಸಿಗುತ್ತಿದ್ದು ವಿದ್ಯಾರ್ಥಿಗಳು ಸದುಪಯೋಗ ಪಡಿಸಿಕೊಳ್ಳಬೇಕು ಎಂದು ಬೆಂಗಳೂರಿನ ಪ್ರಖ್ಯಾತ ಸಿ.ಎ. ಕೋಚಿಂಗ್ ಸೆಂಟರ್ ಆದ ಯಶಸ್ ಅಕಾಡೆಮಿ ಮುಖ್ಯಸ್ಥರು ತಿಳಿಸಿದರು. ನಗರದ ಅನನ್ಯ ಸಂಸ್ಥೆಯಲ್ಲಿ ನಡೆದ ಸಿ.ಎ. ಫೌಂಡೇಶನ್ ತರಗತಿಗಳ ಓರಿಯಂಟೇಶನ್ ಕಾರ್ಯಕ್ರಮ ಉದ್ಘಾಟಿಸಿ ಮಾತನಾಡಿದ ಅವರು, ಸಿ.ಎ. ಕೋರ್ಸ್ ಪೂರೈಸಿದವರಿಗೆ ದೇಶ ವಿದೇಶಗಳಲ್ಲಿ ಉದ್ಯೋಗಾವಕಾಶಗಳಿವೆ. ಕಠಿಣ ಪರಿಶ್ರಮ ಹಾಗೂ ಶಿಸ್ತಿನಿಂದ ಅಭ್ಯಾಸ ಮಾಡಿದರೆ ಯಶಸ್ಸು ಖಚಿತ. ಜಿಎಸ್‌ಟಿ, ಆದಾಯ ತೆರಿಗೆ ಕ್ಷೇತ್ರಗಳಲ್ಲಿ ಚಾರ್ಟರ್ಡ್ ಅಕೌಂಟೆಂಟ್ಸ್‌ಗಳಿಗೆ ಬೇಡಿಕೆ ಹೆಚ್ಚುತ್ತಿದೆ. ನಗರದ ಪ್ರಥಮ ಬಾರಿಗೆ ತುಮಕೂರಿನ ಅನನ್ಯ ಸಂಸ್ಥೆಯಲ್ಲಿ ಸಿ.ಎ. ಫೌಂಡೇಶನ್ ತರಗತಿ ಆರಂಭಿಸಿರುವುದು ಶ್ಲಾಘನೀಯ ಎಂದರು.
Ananya Institute of Commerce & Management
In Association With
CA Foundation class
Orientation Program
ಡಾ.ಸಿ.ಸಿ.ಪಾವಟೆಯವರು ಮಾತನಾಡುತ್ತಾ ವಿದ್ಯಾರ್ಥಿಗಳು ಸಿ.ಎ.ಓದುವುದರಿಂದ ಅವರನ್ನು ಮಾಡೆಲ್ ತಿದ್ದುತ್ತಿರೆ ಎಂಬ ಹಲವು ದಾರಿಗಳು ತೆರೆಯುತ್ತವೆ ಎಂದರು. ಅಧ್ಯಕ್ಷತೆ ವಹಿಸಿದ್ದ ಅನನ್ಯ ಸಂಸ್ಥೆಯ ಸಂಸ್ಥಾಪಕರು ಮಾತನಾಡಿ, ಗ್ರಾಮೀಣ ಪ್ರದೇಶದ ವಿದ್ಯಾರ್ಥಿಗಳಿಗೂ ಸಿ.ಎ. ಶಿಕ್ಷಣ ದೊರೆಯಬೇಕೆಂಬ ಉದ್ದೇಶದಿಂದ ಈ ತರಗತಿ ಆರಂಭಿಸಲಾಗಿದೆ ಎಂದು ಹೇಳಿದರು. ಕಾರ್ಯಕ್ರಮದಲ್ಲಿ ಸಂಸ್ಥೆಯ ಪದಾಧಿಕಾರಿಗಳು, ಉಪನ್ಯಾಸಕರು, ಪೋಷಕರು ಮತ್ತು ವಿದ್ಯಾರ್ಥಿಗಳು ಉಪಸ್ಥಿತರಿದ್ದರು.
ಹೇಳಿದರು. ಕಾರ್ಯಕ್ರಮದಲ್ಲಿ ಯಶಸ್ ಅಕಾಡೆಮಿಯ ಪ್ರವೇಶಾತಿ ಮತ್ತು ಮಾರ್ಕೆಟಿಂಗ್ ವಿಭಾಗದ ಅಧಿಕಾರಿಗಳು ಮಾತನಾಡುತ್ತಾ ಸಿ.ಎ. ವ್ಯಾಸಂಗದ ಹಂತಗಳು, ಪ್ರತಿ ಹಂತದ ಪರೀಕ್ಷಾ ಪದ್ಧತಿ ಹಾಗೂ ತಯಾರಿ ಕುರಿತು ವಿದ್ಯಾರ್ಥಿಗಳಿಗೆ ವಿವರವಾಗಿ ತಿಳಿಸಿದರು. ಚಾರ್ಟರ್ಡ್ ಅಕೌಂಟೆಂಟ್‌ಗಳ ಅಗತ್ಯ ಪ್ರತಿಯೊಂದು ಉದ್ಯಮದಲ್ಲೂ ಇದೆ. ಹೀಗಾಗಿ ವಿದ್ಯಾರ್ಥಿಗಳು ಈ ಕ್ಷೇತ್ರವನ್ನು ಆಯ್ಕೆ ಮಾಡಿಕೊಳ್ಳಬೇಕು ಎಂದು ಸಲಹೆ ನೀಡಿದರು. ಅನನ್ಯ ಸಂಸ್ಥೆಯ ಪ್ರಾಂಶುಪಾಲರು ಸ್ವಾಗತಿಸಿದರು. ಉಪನ್ಯಾಸಕರು ವಂದಿಸಿದರು. ವಿದ್ಯಾರ್ಥಿಗಳು ಉತ್ಸಾಹದಿಂದ ಪಾಲ್ಗೊಂಡಿದ್ದರು.
ಇದೇ ಸಂದರ್ಭದಲ್ಲಿ ಸಿ.ಎ. ನಿರಂಜನ್ ಆರಾಧ್ಯ, ಸಿ.ಎ. ಪರೀಕ್ಷ, ಯಶಸ್ ಅಕಾಡೆಮಿಯ ಪ್ರವೇಶಾತಿ ವಿಭಾಗದ ಮುಖ್ಯಸ್ಥರು ಹಾಗೂ ಮಾರ್ಕೆಟಿಂಗ್ ವಿಭಾಗದ ಅಧಿಕಾರಿಗಳು ಅನನ್ಯ ಇನ್‌ಸ್ಟಿಟ್ಯೂಟ್ ಆಫ್ ಕಾಮರ್ಸ್ ಅಂಡ್ ಮ್ಯಾನೇಜ್‌ಮೆಂಟ್‌ನ ಪದಾಧಿಕಾರಿಗಳು ಉಪಸ್ಥಿತರಿದ್ದರು. ಕಾರ್ಯಕ್ರಮದ ಅಧ್ಯಕ್ಷತೆಯನ್ನು ಸಂಸ್ಥೆಯ ಕಾರ್ಯದರ್ಶಿಗಳು ವಹಿಸಿದ್ದರು. ಅನನ್ಯ ಸಂಸ್ಥೆಯು ಕಳೆದ ಹಲವು ವರ್ಷಗಳಿಂದ ವಾಣಿಜ್ಯ ಶಿಕ್ಷಣ ಕ್ಷೇತ್ರದಲ್ಲಿ ಗುಣಮಟ್ಟದ ಶಿಕ್ಷಣ ನೀಡುತ್ತಿದ್ದು, ಇದೀಗ ಸಿ.ಎ. ಫೌಂಡೇಶನ್ ತರಗತಿಗಳನ್ನು ಆರಂಭಿಸಿರುವುದು ತುಮಕೂರು ಜಿಲ್ಲೆಯ ವಿದ್ಯಾರ್ಥಿಗಳಿಗೆ ವರದಾನವಾಗಿದೆ. ಆಸಕ್ತ ವಿದ್ಯಾರ್ಥಿಗಳು ಸಂಸ್ಥೆಯನ್ನು ಸಂಪರ್ಕಿಸಿ ಪ್ರವೇಶ ಪಡೆಯಬಹುದಾಗಿದೆ ಎಂದು ಸಂಸ್ಥೆಯ ಪ್ರಕಟಣೆ ತಿಳಿಸಿದೆ.
